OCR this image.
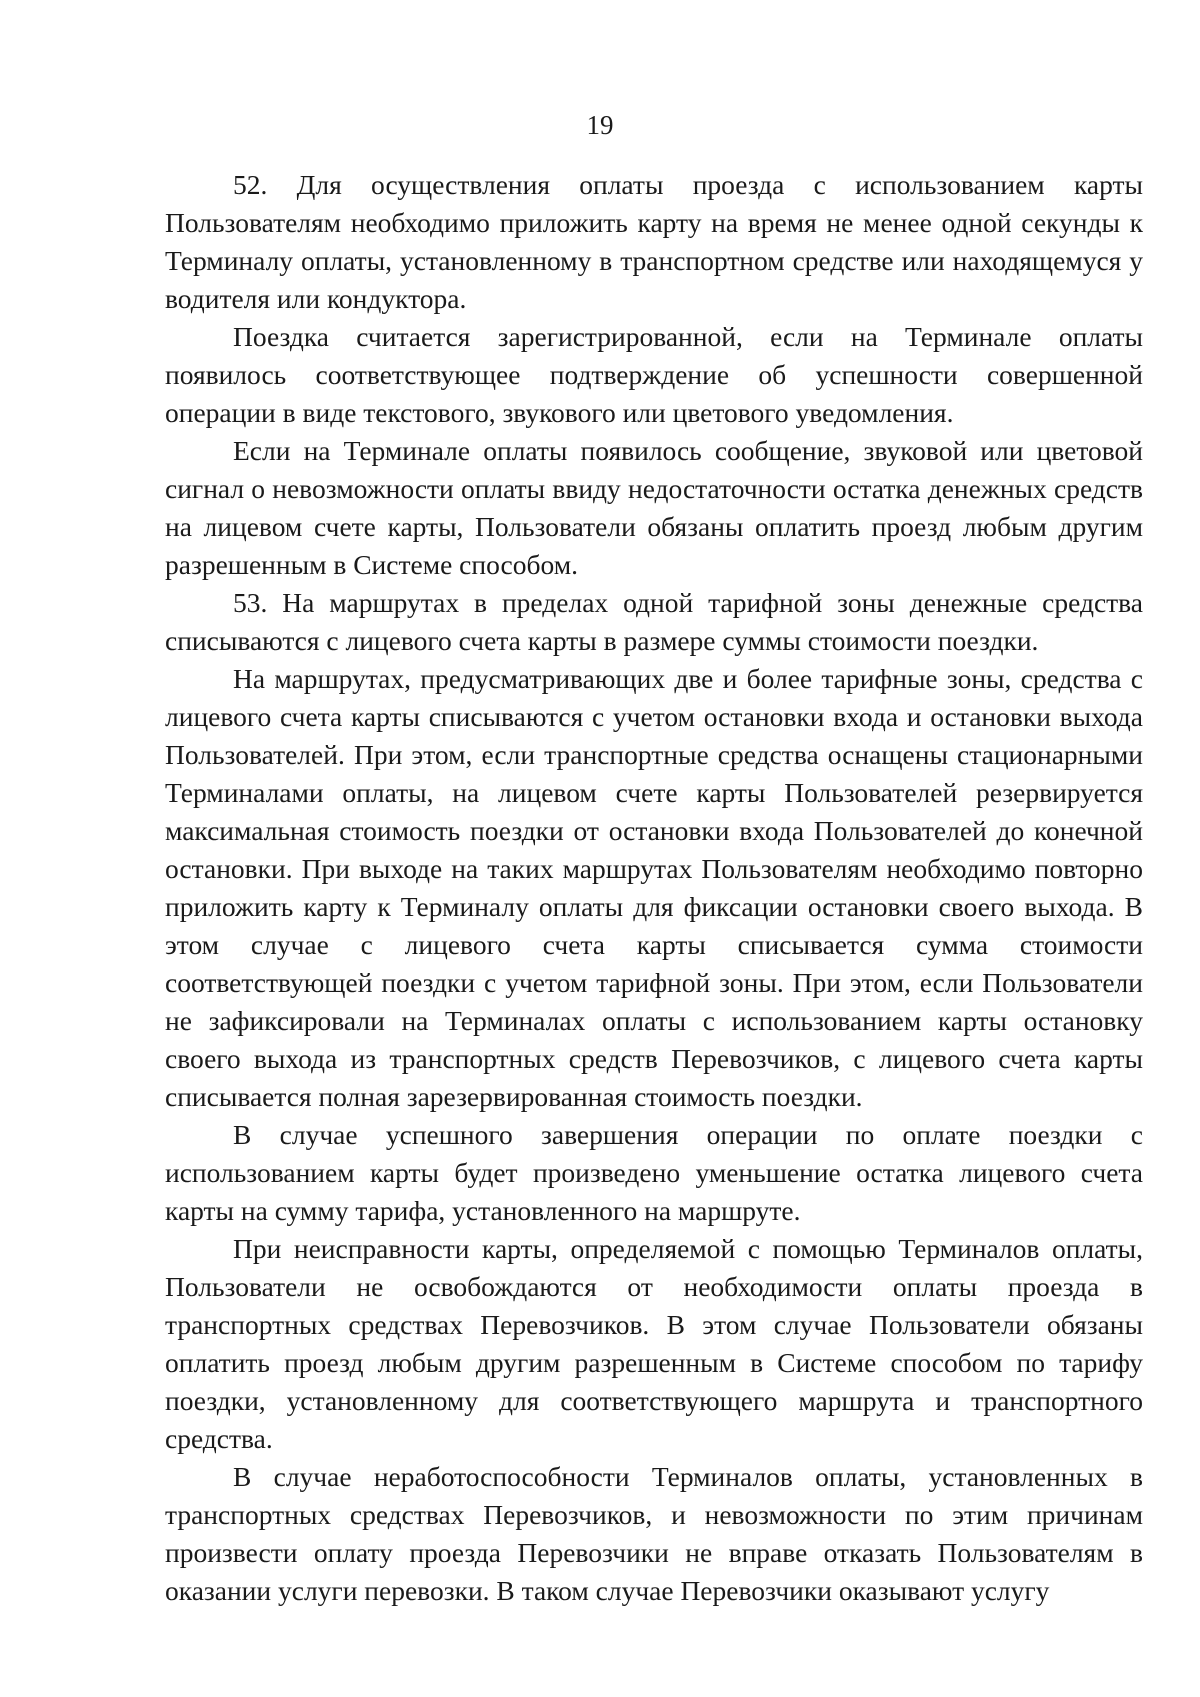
19

52. Для осуществления оплаты проезда с использованием карты Пользователям необходимо приложить карту на время не менее одной секунды к Терминалу оплаты, установленному в транспортном средстве или находящемуся у водителя или кондуктора.

Поездка считается зарегистрированной, если на Терминале оплаты появилось соответствующее подтверждение об успешности совершенной операции в виде текстового, звукового или цветового уведомления.

Если на Терминале оплаты появилось сообщение, звуковой или цветовой сигнал о невозможности оплаты ввиду недостаточности остатка денежных средств на лицевом счете карты, Пользователи обязаны оплатить проезд любым другим разрешенным в Системе способом.

53. На маршрутах в пределах одной тарифной зоны денежные средства списываются с лицевого счета карты в размере суммы стоимости поездки.

На маршрутах, предусматривающих две и более тарифные зоны, средства с лицевого счета карты списываются с учетом остановки входа и остановки выхода Пользователей. При этом, если транспортные средства оснащены стационарными Терминалами оплаты, на лицевом счете карты Пользователей резервируется максимальная стоимость поездки от остановки входа Пользователей до конечной остановки. При выходе на таких маршрутах Пользователям необходимо повторно приложить карту к Терминалу оплаты для фиксации остановки своего выхода. В этом случае с лицевого счета карты списывается сумма стоимости соответствующей поездки с учетом тарифной зоны. При этом, если Пользователи не зафиксировали на Терминалах оплаты с использованием карты остановку своего выхода из транспортных средств Перевозчиков, с лицевого счета карты списывается полная зарезервированная стоимость поездки.

В случае успешного завершения операции по оплате поездки с использованием карты будет произведено уменьшение остатка лицевого счета карты на сумму тарифа, установленного на маршруте.

При неисправности карты, определяемой с помощью Терминалов оплаты, Пользователи не освобождаются от необходимости оплаты проезда в транспортных средствах Перевозчиков. В этом случае Пользователи обязаны оплатить проезд любым другим разрешенным в Системе способом по тарифу поездки, установленному для соответствующего маршрута и транспортного средства.

В случае неработоспособности Терминалов оплаты, установленных в транспортных средствах Перевозчиков, и невозможности по этим причинам произвести оплату проезда Перевозчики не вправе отказать Пользователям в оказании услуги перевозки. В таком случае Перевозчики оказывают услугу
